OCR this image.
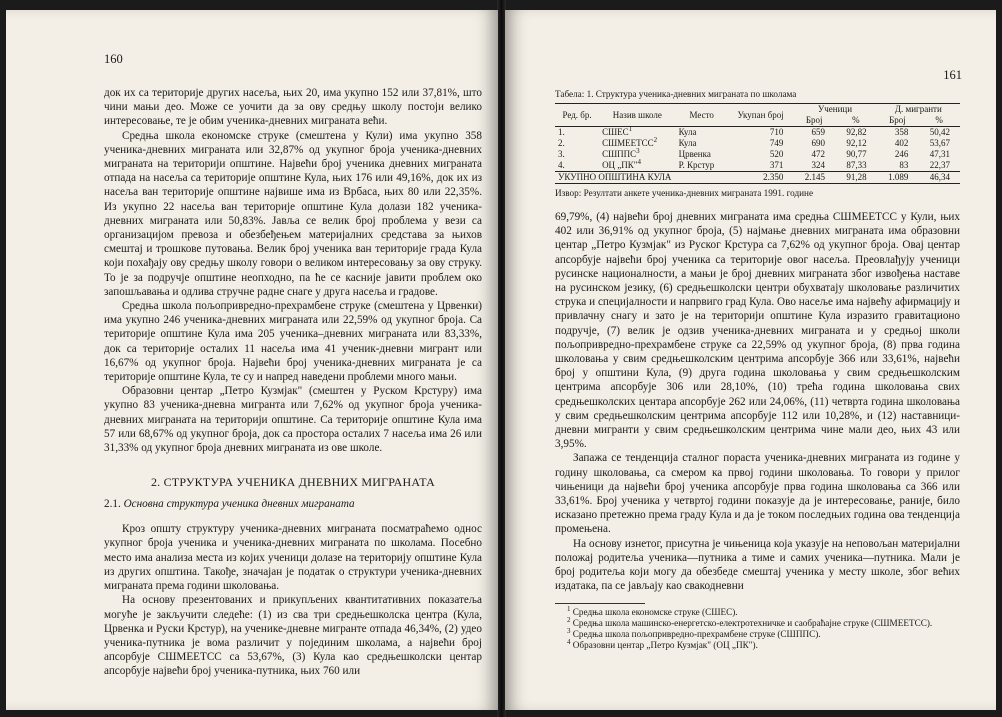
160

док их са територије других насеља, њих 20, има укупно 152 или 37,81%, што чини мањи део. Може се уочити да за ову средњу школу постоји велико интересовање, те је обим ученика-дневних миграната већи.

Средња школа економске струке (смештена у Кули) има укупно 358 ученика-дневних миграната или 32,87% од укупног броја ученика-дневних миграната на територији општине. Највећи број ученика дневних миграната отпада на насеља са територије општине Кула, њих 176 или 49,16%, док их из насеља ван територије општине највише има из Врбаса, њих 80 или 22,35%. Из укупно 22 насеља ван територије општине Кула долази 182 ученика-дневних миграната или 50,83%. Јавља се велик број проблема у вези са организацијом превоза и обезбеђењем материјалних средстава за њихов смештај и трошкове путовања. Велик број ученика ван територије града Кула који похађају ову средњу школу говори о великом интересовању за ову струку. То је за подручје општине неопходно, па ће се касније јавити проблем око запошљавања и одлива стручне радне снаге у друга насеља и градове.

Средња школа пољопривредно-прехрамбене струке (смештена у Црвенки) има укупно 246 ученика-дневних миграната или 22,59% од укупног броја. Са територије општине Кула има 205 ученика–дневних миграната или 83,33%, док са територије осталих 11 насеља има 41 ученик-дневни мигрант или 16,67% од укупног броја. Највећи број ученика-дневних миграната је са територије општине Кула, те су и напред наведени проблеми много мањи.

Образовни центар „Петро Кузмјак" (смештен у Руском Крстуру) има укупно 83 ученика-дневна мигранта или 7,62% од укупног броја ученика-дневних миграната на територији општине. Са територије општине Кула има 57 или 68,67% од укупног броја, док са простора осталих 7 насеља има 26 или 31,33% од укупног броја дневних миграната из ове школе.

2. СТРУКТУРА УЧЕНИКА ДНЕВНИХ МИГРАНАТА
2.1. Основна структура ученика дневних миграната

Кроз општу структуру ученика-дневних миграната посматраћемо однос укупног броја ученика и ученика-дневних миграната по школама. Посебно место има анализа места из којих ученици долазе на територију општине Кула из других општина. Такође, значајан је податак о структури ученика-дневних миграната према години школовања.

На основу презентованих и прикупљених квантитативних показатеља могуће је закључити следеће: (1) из сва три средњешколска центра (Кула, Црвенка и Руски Крстур), на ученике-дневне мигранте отпада 46,34%, (2) удео ученика-путника је вома различит у појединим школама, а највећи број апсорбује СШМЕЕТСС са 53,67%, (3) Кула као средњешколски центар апсорбује највећи број ученика-путника, њих 760 или

161
Табела: 1. Структура ученика-дневних миграната по школама
Ред. бр.	Назив школе	Место	Укупан број	Ученици		Д. мигранти	
				Број	%	Број	%
1.	СШЕС$^1$	Кула	710	659	92,82	358	50,42
2.	СШМЕЕТСС$^2$	Кула	749	690	92,12	402	53,67
3.	СШППС$^3$	Црвенка	520	472	90,77	246	47,31
4.	ОЦ „ПК"$^4$	Р. Крстур	371	324	87,33	83	22,37
УКУПНО ОПШТИНА КУЛА			2.350	2.145	91,28	1.089	46,34
Извор: Резултати анкете ученика-дневних миграната 1991. године

69,79%, (4) највећи број дневних миграната има средња СШМЕЕТСС у Кули, њих 402 или 36,91% од укупног броја, (5) најмање дневних миграната има образовни центар „Петро Кузмјак" из Руског Крстура са 7,62% од укупног броја. Овај центар апсорбује највећи број ученика са територије овог насеља. Преовлађују ученици русинске националности, а мањи је број дневних миграната због извођења наставе на русинском језику, (6) средњешколски центри обухватају школовање различитих струка и специјалности и напрвиго град Кула. Ово насеље има највећу афирмацију и привлачну снагу и зато је на територији општине Кула изразито гравитационо подручје, (7) велик је одзив ученика-дневних миграната и у средњој школи пољопривредно-прехрамбене струке са 22,59% од укупног броја, (8) прва година школовања у свим средњешколским центрима апсорбује 366 или 33,61%, највећи број у општини Кула, (9) друга година школовања у свим средњешколским центрима апсорбује 306 или 28,10%, (10) трећа година школовања свих средњешколских центара апсорбује 262 или 24,06%, (11) четврта година школовања у свим средњешколским центрима апсорбује 112 или 10,28%, и (12) наставници-дневни мигранти у свим средњешколским центрима чине мали део, њих 43 или 3,95%.

Запажа се тенденција сталног пораста ученика-дневних миграната из године у годину школовања, са смером ка првој години школовања. То говори у прилог чињеници да највећи број ученика апсорбује прва година школовања са 366 или 33,61%. Број ученика у четвртој години показује да је интересовање, раније, било исказано претежно према граду Кула и да је током последњих година ова тенденција промењена.

На основу изнетог, присутна је чињеница која указује на неповољан материјални положај родитеља ученика—путника а тиме и самих ученика—путника. Мали је број родитеља који могу да обезбеде смештај ученика у месту школе, због већих издатака, па се јављају као свакодневни

$^1$ Средња школа економске струке (СШЕС).
$^2$ Средња школа машинско-енергетско-електротехничке и саобраћајне струке (СШМЕЕТСС).
$^3$ Средња школа пољопривредно-прехрамбене струке (СШППС).
$^4$ Образовни центар „Петро Кузмјак" (ОЦ „ПК").
